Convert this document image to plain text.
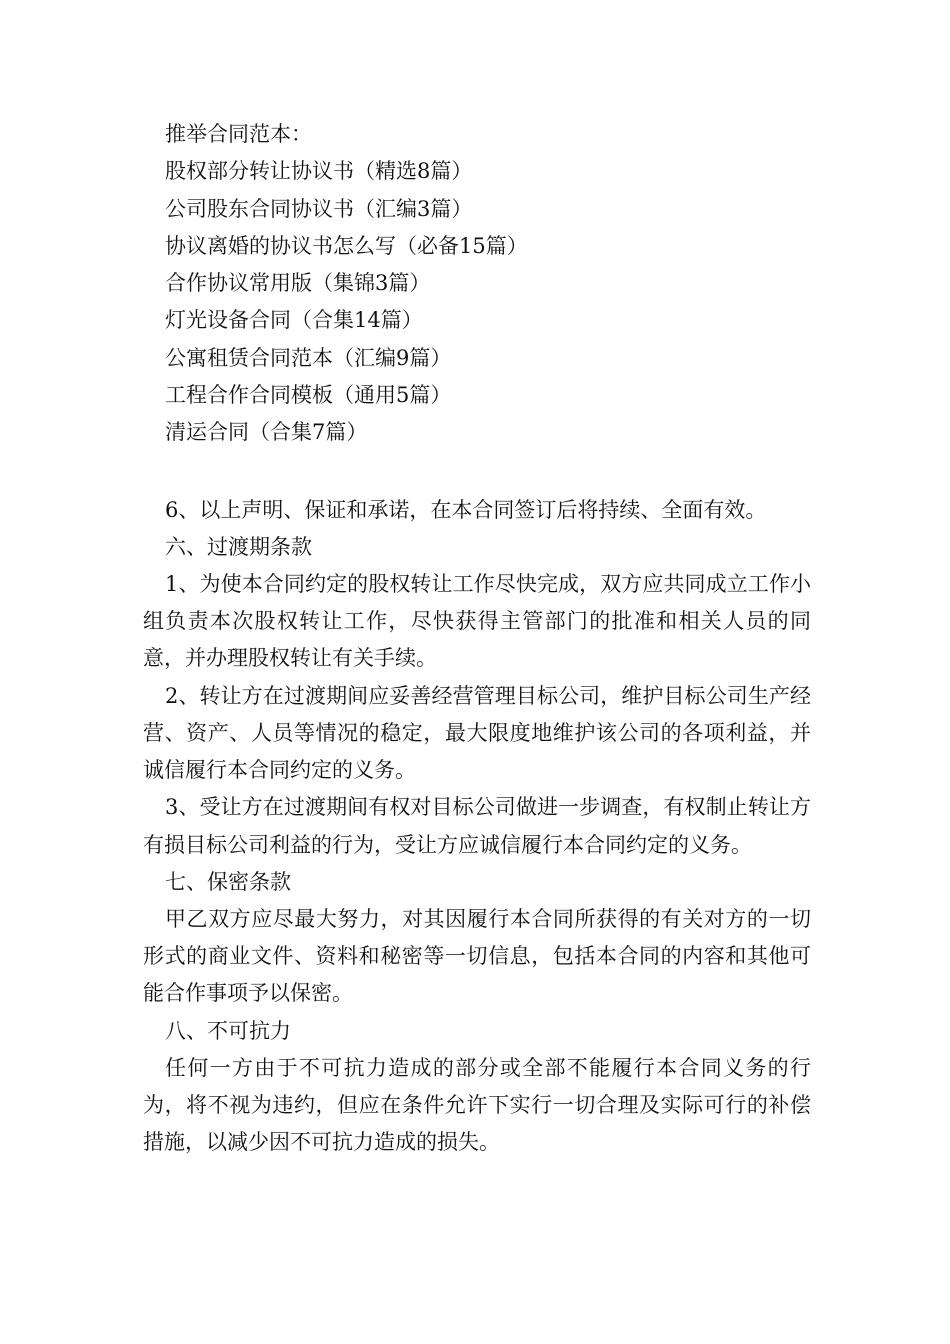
推举合同范本：
股权部分转让协议书（精选8篇）
公司股东合同协议书（汇编3篇）
协议离婚的协议书怎么写（必备15篇）
合作协议常用版（集锦3篇）
灯光设备合同（合集14篇）
公寓租赁合同范本（汇编9篇）
工程合作合同模板（通用5篇）
清运合同（合集7篇）

6、以上声明、保证和承诺，在本合同签订后将持续、全面有效。

六、过渡期条款

1、为使本合同约定的股权转让工作尽快完成，双方应共同成立工作小组负责本次股权转让工作，尽快获得主管部门的批准和相关人员的同意，并办理股权转让有关手续。

2、转让方在过渡期间应妥善经营管理目标公司，维护目标公司生产经营、资产、人员等情况的稳定，最大限度地维护该公司的各项利益，并诚信履行本合同约定的义务。

3、受让方在过渡期间有权对目标公司做进一步调查，有权制止转让方有损目标公司利益的行为，受让方应诚信履行本合同约定的义务。

七、保密条款

甲乙双方应尽最大努力，对其因履行本合同所获得的有关对方的一切形式的商业文件、资料和秘密等一切信息，包括本合同的内容和其他可能合作事项予以保密。

八、不可抗力

任何一方由于不可抗力造成的部分或全部不能履行本合同义务的行为，将不视为违约，但应在条件允许下实行一切合理及实际可行的补偿措施，以减少因不可抗力造成的损失。
